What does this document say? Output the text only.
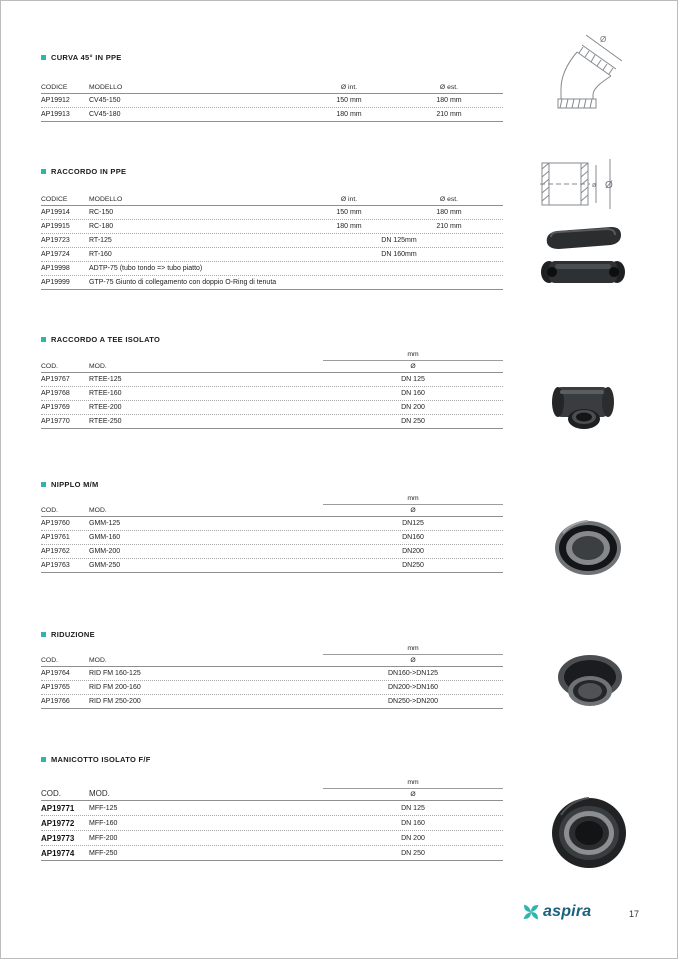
CURVA 45° IN PPE
CODICE	MODELLO	Ø int.	Ø est.
AP19912	CV45-150	150 mm	180 mm
AP19913	CV45-180	180 mm	210 mm
Ø
RACCORDO IN PPE
CODICE	MODELLO	Ø int.	Ø est.
AP19914	RC-150	150 mm	180 mm
AP19915	RC-180	180 mm	210 mm
AP19723	RT-125	DN 125mm
AP19724	RT-160	DN 160mm
AP19998	ADTP-75 (tubo tondo => tubo piatto)
AP19999	GTP-75 Giunto di collegamento con doppio O-Ring di tenuta
ø Ø
RACCORDO A TEE ISOLATO
COD.	MOD.
mm
Ø
AP19767	RTEE-125	DN 125
AP19768	RTEE-160	DN 160
AP19769	RTEE-200	DN 200
AP19770	RTEE-250	DN 250
NIPPLO M/M
COD.	MOD.
mm
Ø
AP19760	GMM-125	DN125
AP19761	GMM-160	DN160
AP19762	GMM-200	DN200
AP19763	GMM-250	DN250
RIDUZIONE
COD.	MOD.
mm
Ø
AP19764	RID FM 160-125	DN160->DN125
AP19765	RID FM 200-160	DN200->DN160
AP19766	RID FM 250-200	DN250->DN200
MANICOTTO ISOLATO F/F
COD.	MOD.
mm
Ø
AP19771	MFF-125	DN 125
AP19772	MFF-160	DN 160
AP19773	MFF-200	DN 200
AP19774	MFF-250	DN 250
aspira	17
